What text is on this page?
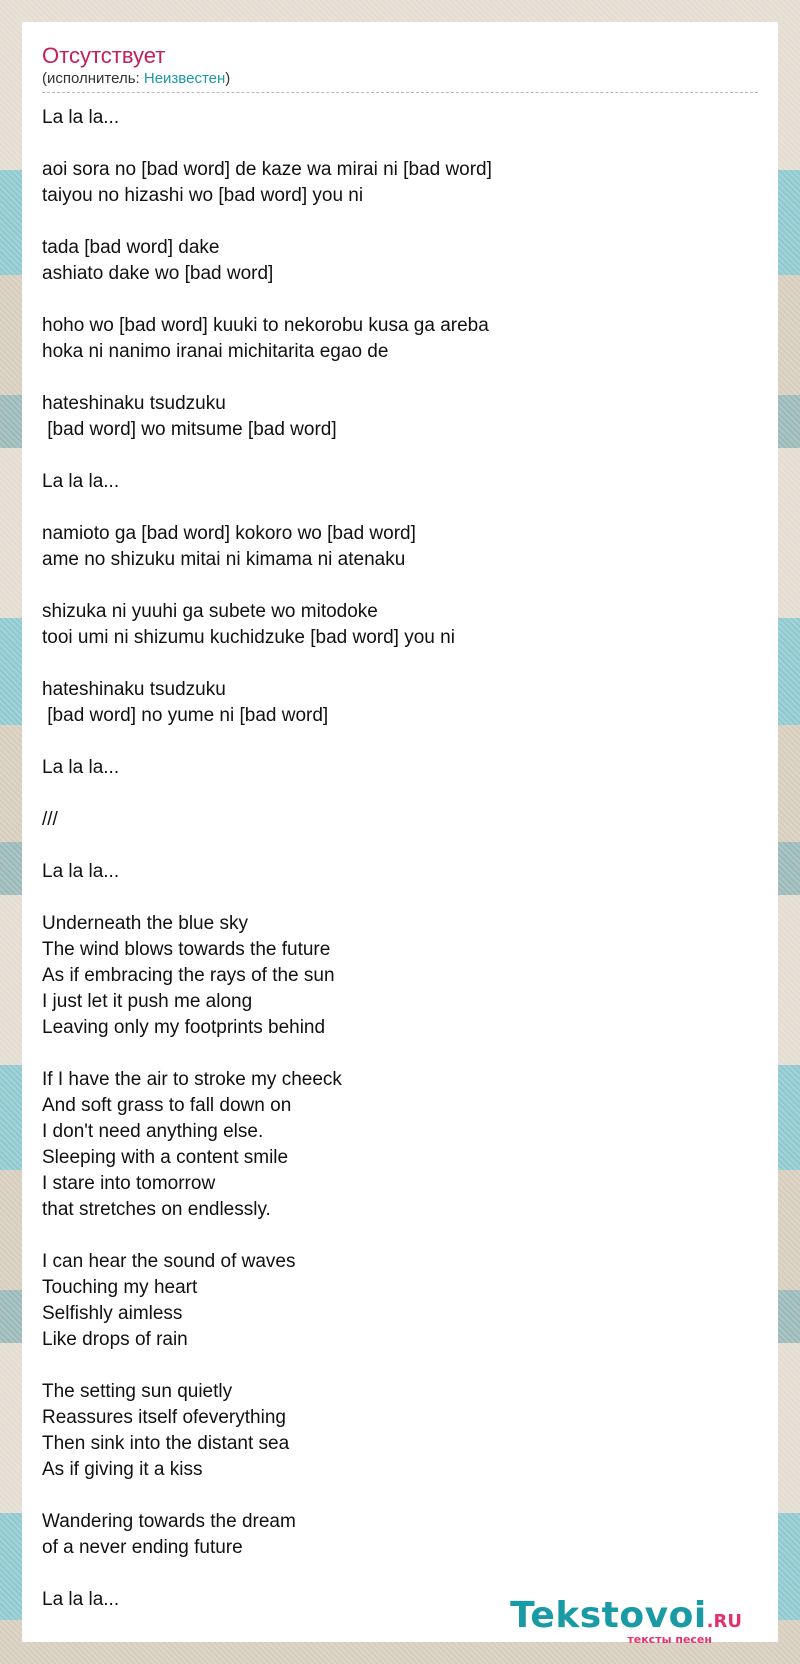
Отсутствует
(исполнитель: Неизвестен)
La la la...
aoi sora no [bad word] de kaze wa mirai ni [bad word]
taiyou no hizashi wo [bad word] you ni
tada [bad word] dake
ashiato dake wo [bad word]
hoho wo [bad word] kuuki to nekorobu kusa ga areba
hoka ni nanimo iranai michitarita egao de
hateshinaku tsudzuku
[bad word] wo mitsume [bad word]
La la la...
namioto ga [bad word] kokoro wo [bad word]
ame no shizuku mitai ni kimama ni atenaku
shizuka ni yuuhi ga subete wo mitodoke
tooi umi ni shizumu kuchidzuke [bad word] you ni
hateshinaku tsudzuku
[bad word] no yume ni [bad word]
La la la...
///
La la la...
Underneath the blue sky
The wind blows towards the future
As if embracing the rays of the sun
I just let it push me along
Leaving only my footprints behind
If I have the air to stroke my cheeck
And soft grass to fall down on
I don't need anything else.
Sleeping with a content smile
I stare into tomorrow
that stretches on endlessly.
I can hear the sound of waves
Touching my heart
Selfishly aimless
Like drops of rain
The setting sun quietly
Reassures itself ofeverything
Then sink into the distant sea
As if giving it a kiss
Wandering towards the dream
of a never ending future
La la la...	Tekstovoi.RU
тексты песен
